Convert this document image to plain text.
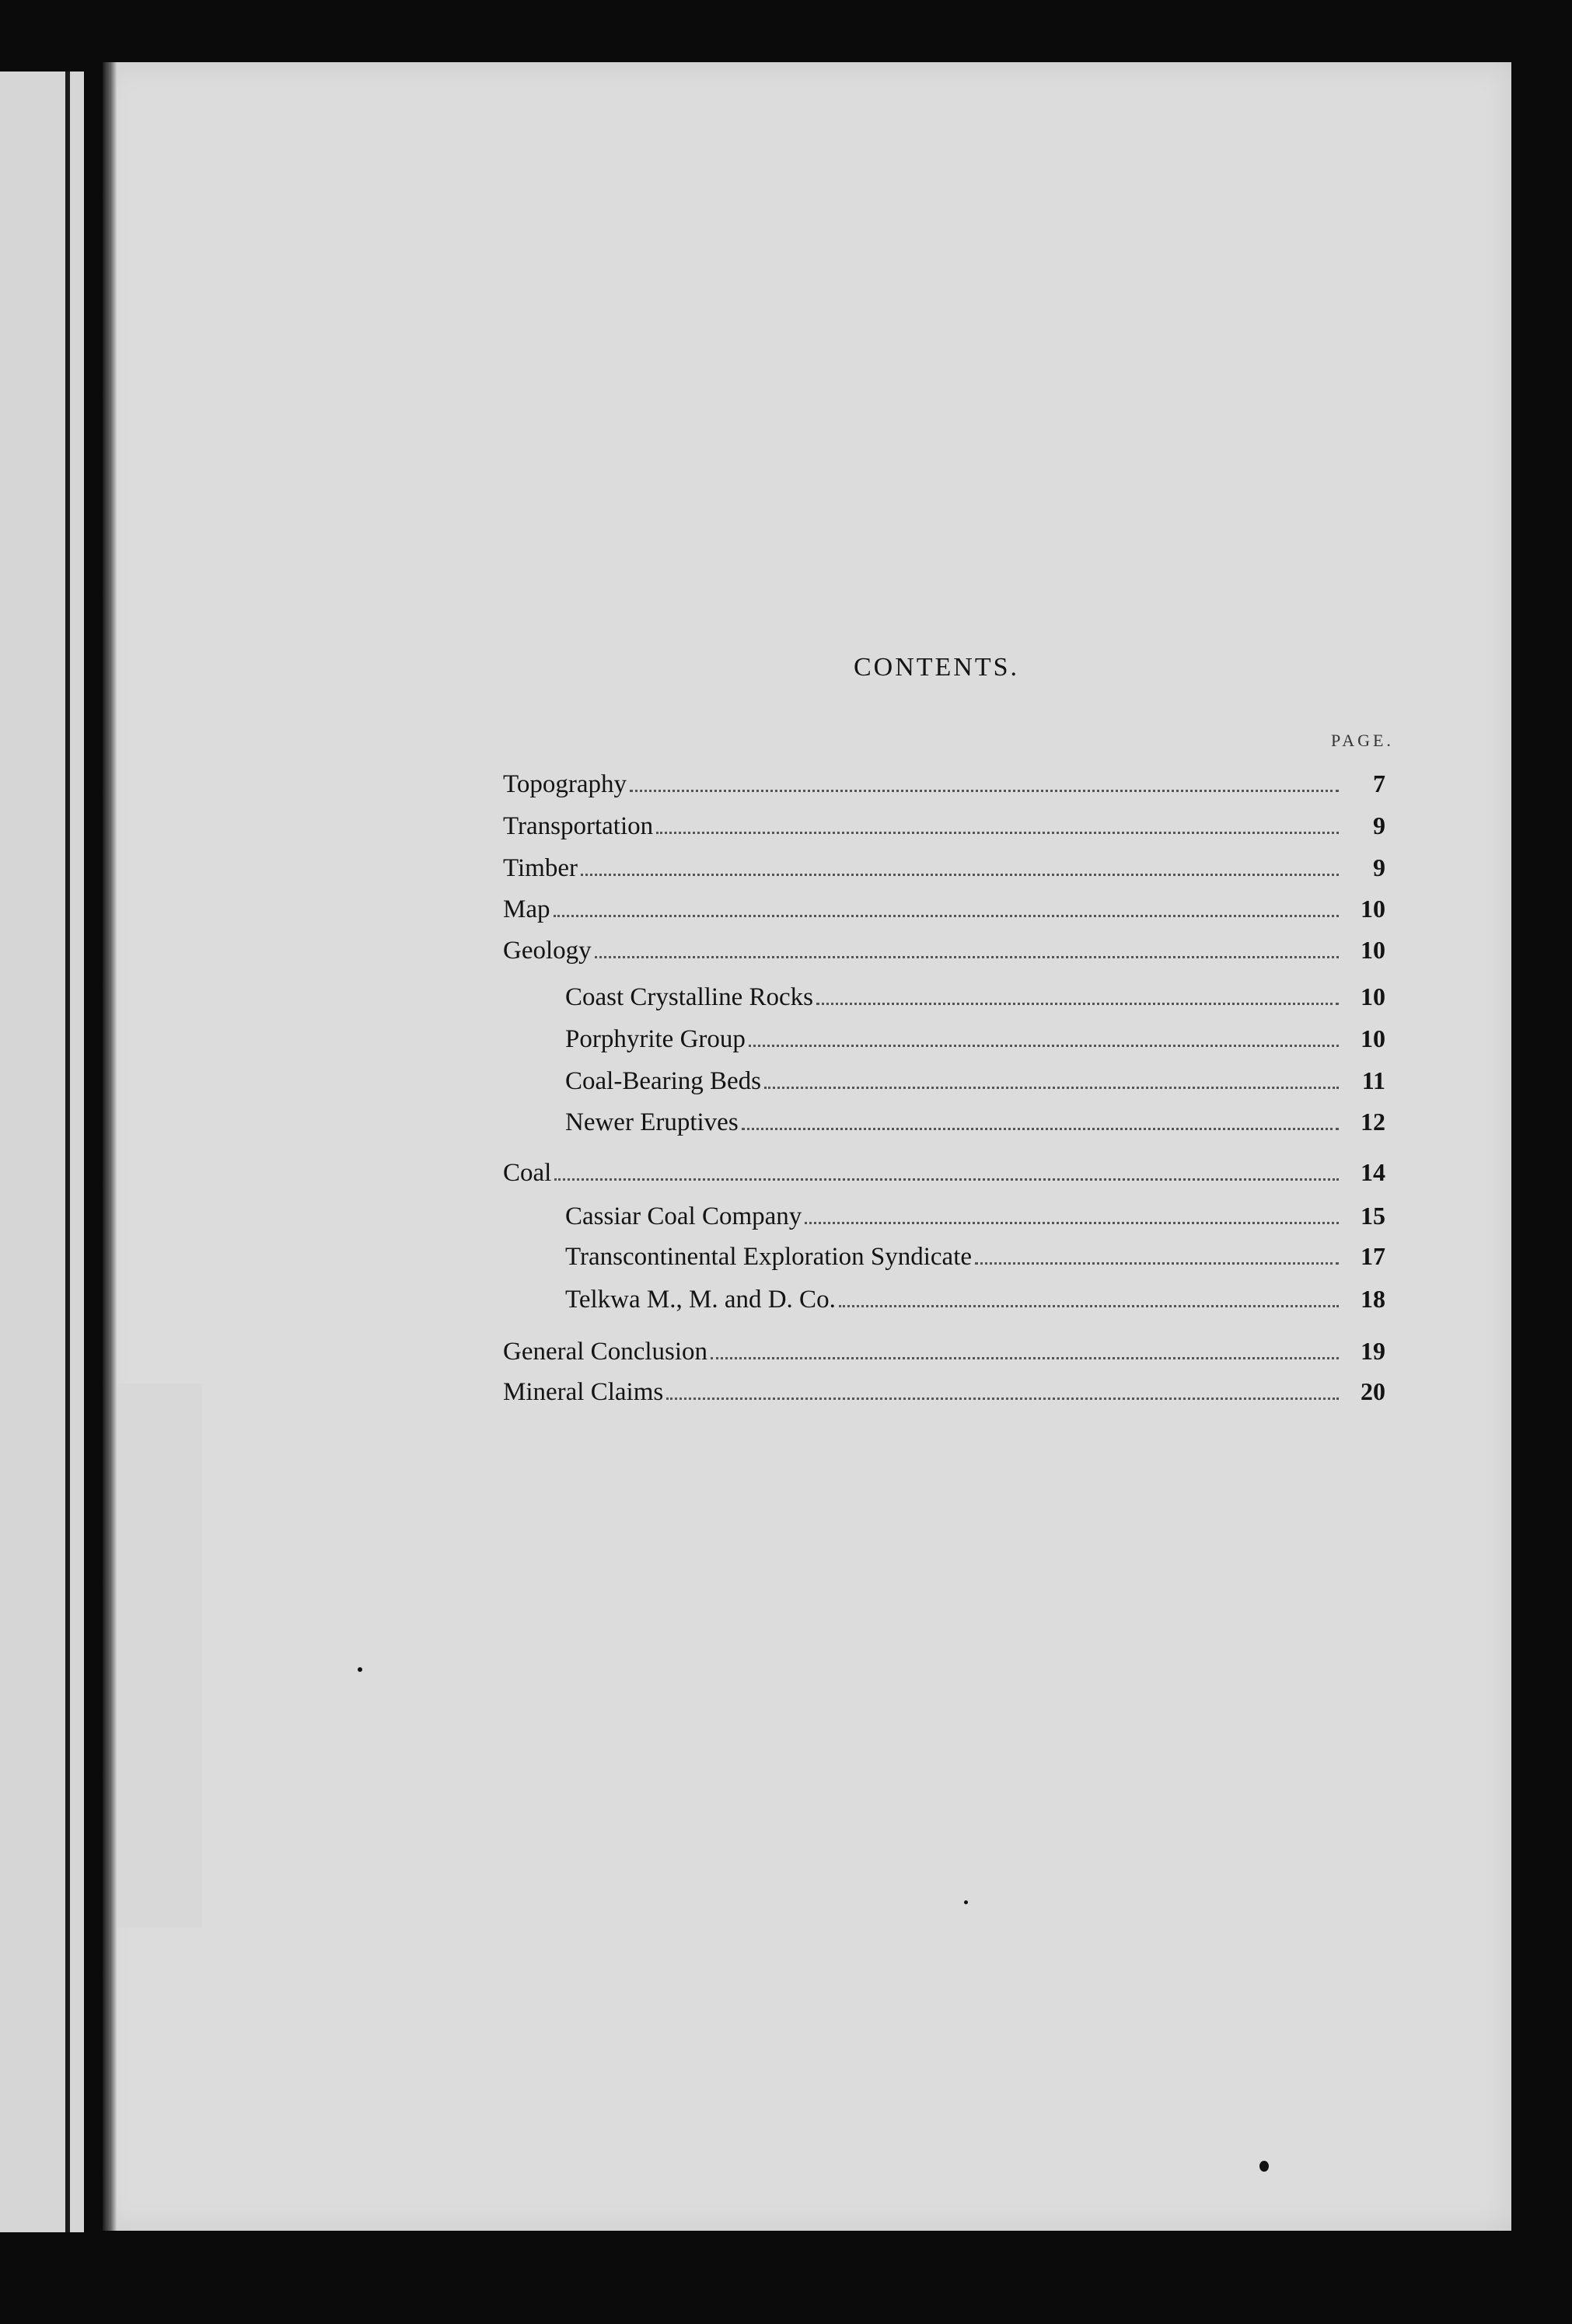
CONTENTS.
PAGE.
Topography	7
Transportation	9
Timber	9
Map	10
Geology	10
Coast Crystalline Rocks	10
Porphyrite Group	10
Coal-Bearing Beds	11
Newer Eruptives	12
Coal	14
Cassiar Coal Company	15
Transcontinental Exploration Syndicate	17
Telkwa M., M. and D. Co.	18
General Conclusion	19
Mineral Claims	20
